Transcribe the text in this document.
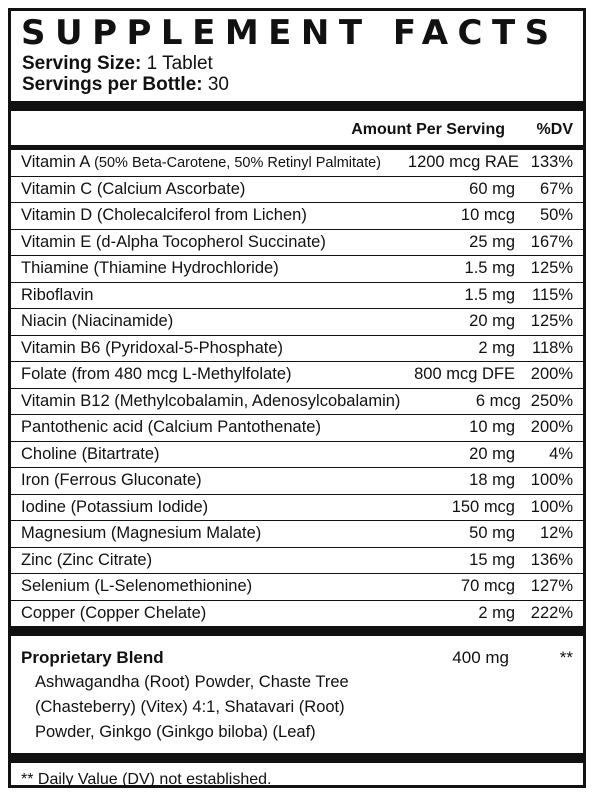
SUPPLEMENT FACTS
Serving Size: 1 Tablet
Servings per Bottle: 30
Amount Per Serving	%DV
Vitamin A (50% Beta-Carotene, 50% Retinyl Palmitate)	1200 mcg RAE 133%
Vitamin C (Calcium Ascorbate)	60 mg	67%
Vitamin D (Cholecalciferol from Lichen)	10 mcg	50%
Vitamin E (d-Alpha Tocopherol Succinate)	25 mg 167%
Thiamine (Thiamine Hydrochloride)	1.5 mg 125%
Riboflavin	1.5 mg	115%
Niacin (Niacinamide)	20 mg 125%
Vitamin B6 (Pyridoxal-5-Phosphate)	2 mg	118%
Folate (from 480 mcg L-Methylfolate)	800 mcg DFE 200%
Vitamin B12 (Methylcobalamin, Adenosylcobalamin)	6 mcg 250%
Pantothenic acid (Calcium Pantothenate)	10 mg 200%
Choline (Bitartrate)	20 mg	4%
Iron (Ferrous Gluconate)	18 mg 100%
Iodine (Potassium Iodide)	150 mcg 100%
Magnesium (Magnesium Malate)	50 mg	12%
Zinc (Zinc Citrate)	15 mg 136%
Selenium (L-Selenomethionine)	70 mcg 127%
Copper (Copper Chelate)	2 mg 222%
Proprietary Blend	400 mg	**
Ashwagandha (Root) Powder, Chaste Tree (Chasteberry) (Vitex) 4:1, Shatavari (Root) Powder, Ginkgo (Ginkgo biloba) (Leaf)
** Daily Value (DV) not established.
